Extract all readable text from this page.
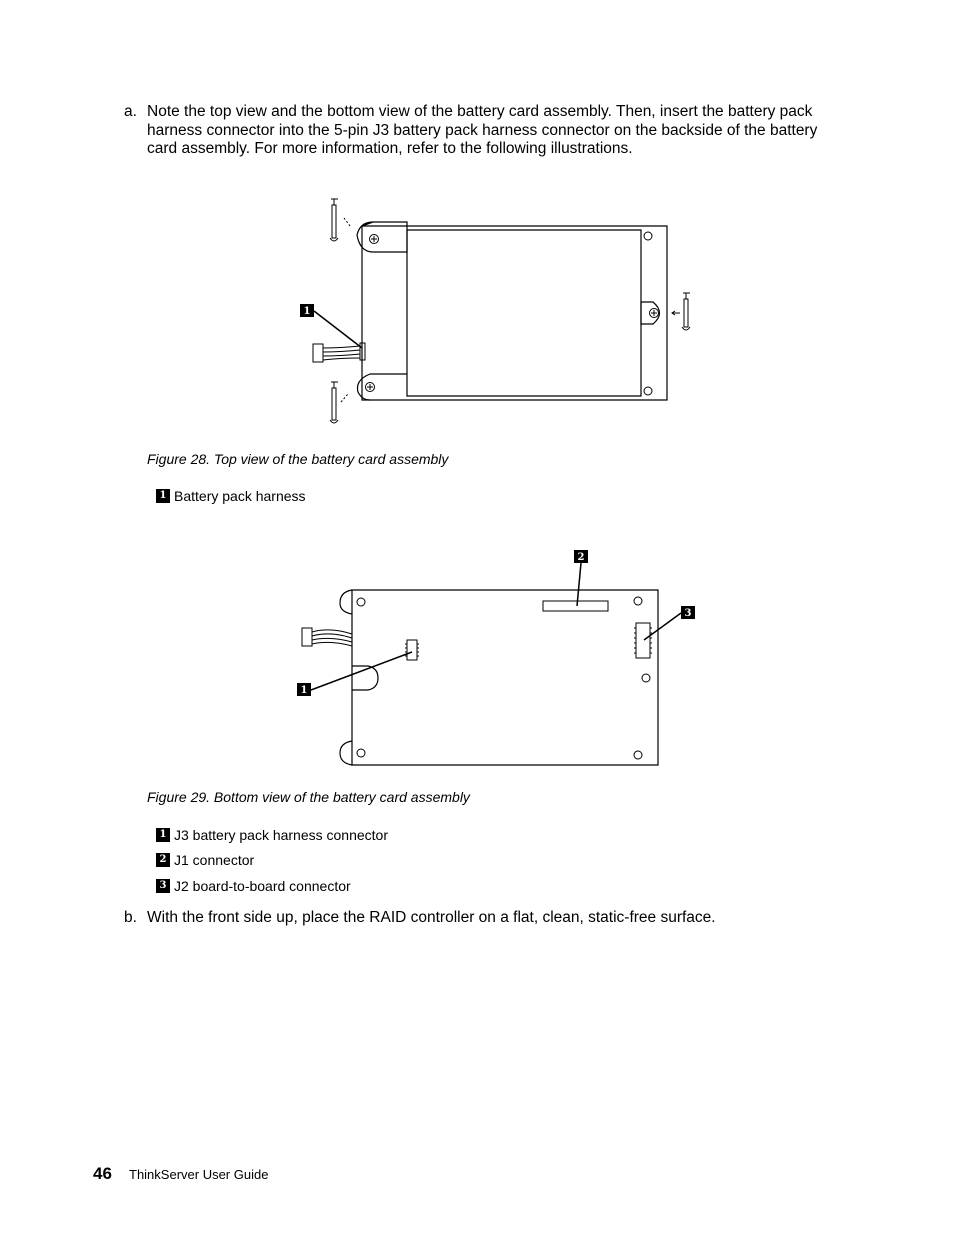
a. Note the top view and the bottom view of the battery card assembly. Then, insert the battery pack harness connector into the 5-pin J3 battery pack harness connector on the backside of the battery card assembly. For more information, refer to the following illustrations.
1
Figure 28. Top view of the battery card assembly
1 Battery pack harness
1
2
3
Figure 29. Bottom view of the battery card assembly
1 J3 battery pack harness connector
2 J1 connector
3 J2 board-to-board connector
b. With the front side up, place the RAID controller on a flat, clean, static-free surface.
46 ThinkServer User Guide
